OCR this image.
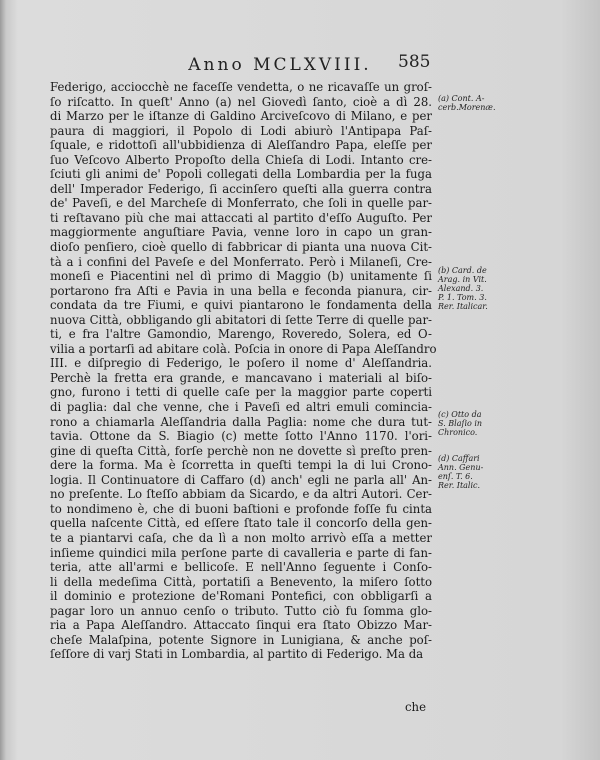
Anno MCLXVIII.	585
Federigo, acciocchè ne faceſſe vendetta, o ne ricavaſſe un groſ-
ſo riſcatto. In queſt' Anno (a) nel Giovedì ſanto, cioè a dì 28.
di Marzo per le iſtanze di Galdino Arciveſcovo di Milano, e per
paura di maggiori, il Popolo di Lodi abiurò l'Antipapa Paſ-
ſquale, e ridottoſi all'ubbidienza di Aleſſandro Papa, eleſſe per
ſuo Veſcovo Alberto Propoſto della Chieſa di Lodi. Intanto cre-
ſciuti gli animi de' Popoli collegati della Lombardia per la fuga
dell' Imperador Federigo, ſi accinſero queſti alla guerra contra
de' Paveſi, e del Marcheſe di Monferrato, che ſoli in quelle par-
ti reſtavano più che mai attaccati al partito d'eſſo Auguſto. Per
maggiormente anguſtiare Pavia, venne loro in capo un gran-
dioſo penſiero, cioè quello di fabbricar di pianta una nuova Cit-
tà a i confini del Paveſe e del Monferrato. Però i Milaneſi, Cre-
moneſi e Piacentini nel dì primo di Maggio (b) unitamente ſi
portarono fra Aſti e Pavia in una bella e feconda pianura, cir-
condata da tre Fiumi, e quivi piantarono le fondamenta della
nuova Città, obbligando gli abitatori di ſette Terre di quelle par-
ti, e fra l'altre Gamondio, Marengo, Roveredo, Solera, ed O-
vilia a portarſi ad abitare colà. Poſcia in onore di Papa Aleſſandro
III. e diſpregio di Federigo, le poſero il nome d' Aleſſandria.
Perchè la fretta era grande, e mancavano i materiali al biſo-
gno, furono i tetti di quelle caſe per la maggior parte coperti
di paglia: dal che venne, che i Paveſi ed altri emuli comincia-
rono a chiamarla Aleſſandria dalla Paglia: nome che dura tut-
tavia. Ottone da S. Biagio (c) mette ſotto l'Anno 1170. l'ori-
gine di queſta Città, forſe perchè non ne dovette sì preſto pren-
dere la forma. Ma è ſcorretta in queſti tempi la di lui Crono-
logia. Il Continuatore di Caffaro (d) anch' egli ne parla all' An-
no preſente. Lo ſteſſo abbiam da Sicardo, e da altri Autori. Cer-
to nondimeno è, che di buoni baſtioni e profonde foſſe fu cinta
quella naſcente Città, ed eſſere ſtato tale il concorſo della gen-
te a piantarvi caſa, che da lì a non molto arrivò eſſa a metter
inſieme quindici mila perſone parte di cavalleria e parte di fan-
teria, atte all'armi e bellicoſe. E nell'Anno ſeguente i Conſo-
li della medeſima Città, portatiſi a Benevento, la miſero ſotto
il dominio e protezione de'Romani Pontefici, con obbligarſi a
pagar loro un annuo cenſo o tributo. Tutto ciò fu ſomma glo-
ria a Papa Aleſſandro. Attaccato ſinqui era ſtato Obizzo Mar-
cheſe Malaſpina, potente Signore in Lunigiana, & anche poſ-
ſeſſore di varj Stati in Lombardia, al partito di Federigo. Ma da
(a) Cont. A-
cerb.Morenæ.
(b) Card. de
Arag. in Vit.
Alexand. 3.
P. 1. Tom. 3.
Rer. Italicar.
(c) Otto da
S. Blaſio in
Chronico.
(d) Caffari
Ann. Genu-
enſ. T. 6.
Rer. Italic.
che
